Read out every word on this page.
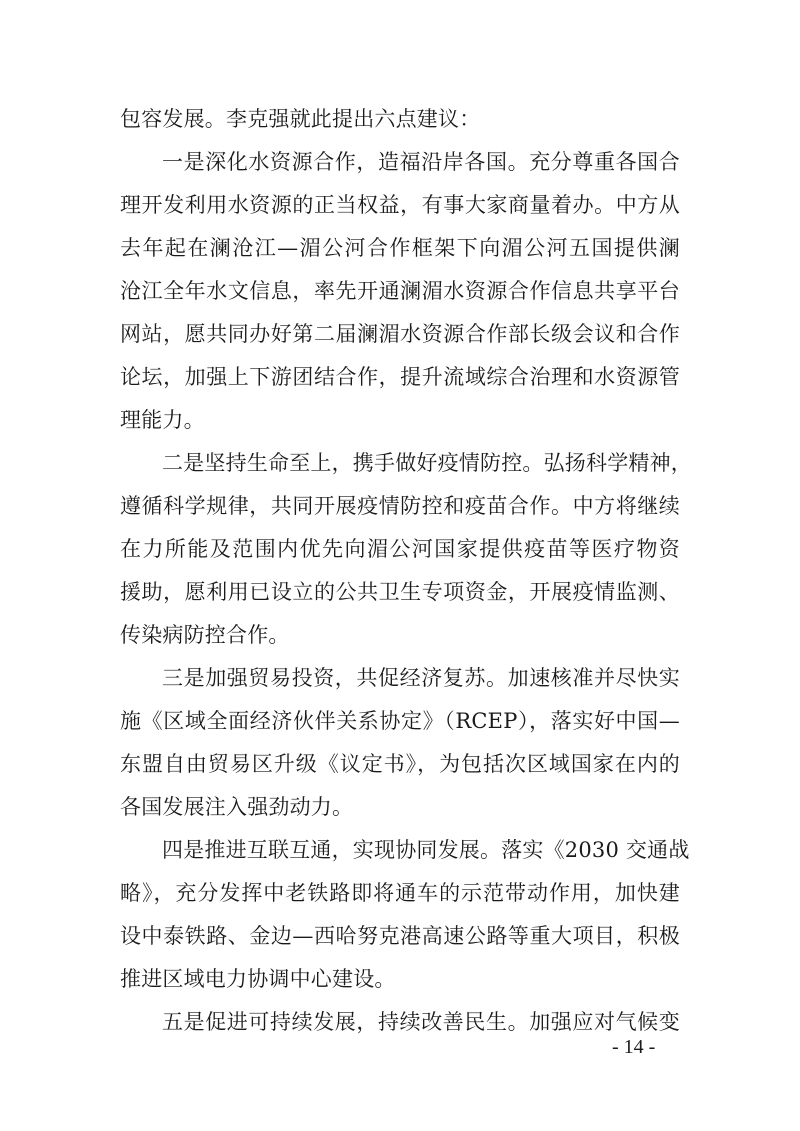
包容发展。李克强就此提出六点建议：
一是深化水资源合作，造福沿岸各国。充分尊重各国合
理开发利用水资源的正当权益，有事大家商量着办。中方从
去年起在澜沧江—湄公河合作框架下向湄公河五国提供澜
沧江全年水文信息，率先开通澜湄水资源合作信息共享平台
网站，愿共同办好第二届澜湄水资源合作部长级会议和合作
论坛，加强上下游团结合作，提升流域综合治理和水资源管
理能力。
二是坚持生命至上，携手做好疫情防控。弘扬科学精神，
遵循科学规律，共同开展疫情防控和疫苗合作。中方将继续
在力所能及范围内优先向湄公河国家提供疫苗等医疗物资
援助，愿利用已设立的公共卫生专项资金，开展疫情监测、
传染病防控合作。
三是加强贸易投资，共促经济复苏。加速核准并尽快实
施《区域全面经济伙伴关系协定》（RCEP），落实好中国—
东盟自由贸易区升级《议定书》，为包括次区域国家在内的
各国发展注入强劲动力。
四是推进互联互通，实现协同发展。落实《2030 交通战
略》，充分发挥中老铁路即将通车的示范带动作用，加快建
设中泰铁路、金边—西哈努克港高速公路等重大项目，积极
推进区域电力协调中心建设。
五是促进可持续发展，持续改善民生。加强应对气候变
- 14 -
